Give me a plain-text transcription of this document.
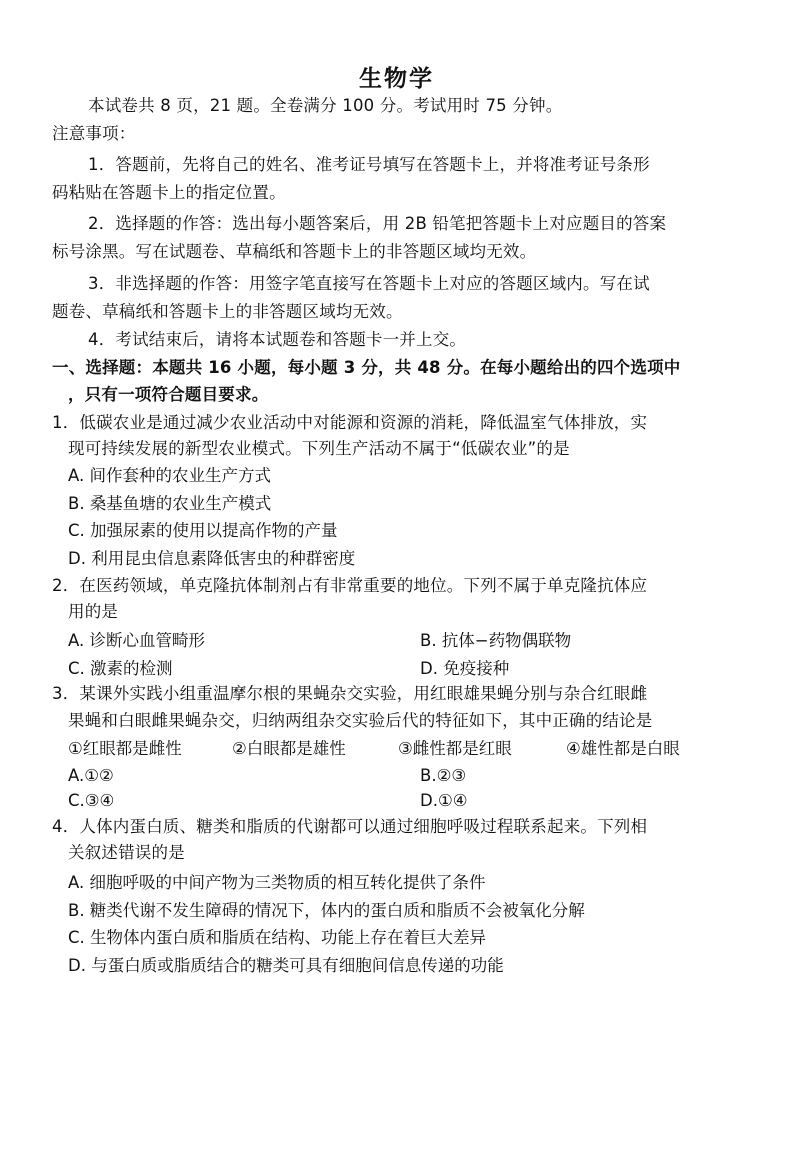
生物学
本试卷共 8 页，21 题。全卷满分 100 分。考试用时 75 分钟。
注意事项：
1．答题前，先将自己的姓名、准考证号填写在答题卡上，并将准考证号条形
码粘贴在答题卡上的指定位置。
2．选择题的作答：选出每小题答案后，用 2B 铅笔把答题卡上对应题目的答案
标号涂黑。写在试题卷、草稿纸和答题卡上的非答题区域均无效。
3．非选择题的作答：用签字笔直接写在答题卡上对应的答题区域内。写在试
题卷、草稿纸和答题卡上的非答题区域均无效。
4．考试结束后，请将本试题卷和答题卡一并上交。
一、选择题：本题共 16 小题，每小题 3 分，共 48 分。在每小题给出的四个选项中
，只有一项符合题目要求。
1．低碳农业是通过减少农业活动中对能源和资源的消耗，降低温室气体排放，实
现可持续发展的新型农业模式。下列生产活动不属于“低碳农业”的是
A. 间作套种的农业生产方式
B. 桑基鱼塘的农业生产模式
C. 加强尿素的使用以提高作物的产量
D. 利用昆虫信息素降低害虫的种群密度
2．在医药领域，单克隆抗体制剂占有非常重要的地位。下列不属于单克隆抗体应
用的是
A. 诊断心血管畸形	B. 抗体−药物偶联物
C. 激素的检测	D. 免疫接种
3．某课外实践小组重温摩尔根的果蝇杂交实验，用红眼雄果蝇分别与杂合红眼雌
果蝇和白眼雌果蝇杂交，归纳两组杂交实验后代的特征如下，其中正确的结论是
①红眼都是雌性	②白眼都是雄性	③雌性都是红眼	④雄性都是白眼
A.①②	B.②③
C.③④	D.①④
4．人体内蛋白质、糖类和脂质的代谢都可以通过细胞呼吸过程联系起来。下列相
关叙述错误的是
A. 细胞呼吸的中间产物为三类物质的相互转化提供了条件
B. 糖类代谢不发生障碍的情况下，体内的蛋白质和脂质不会被氧化分解
C. 生物体内蛋白质和脂质在结构、功能上存在着巨大差异
D. 与蛋白质或脂质结合的糖类可具有细胞间信息传递的功能
